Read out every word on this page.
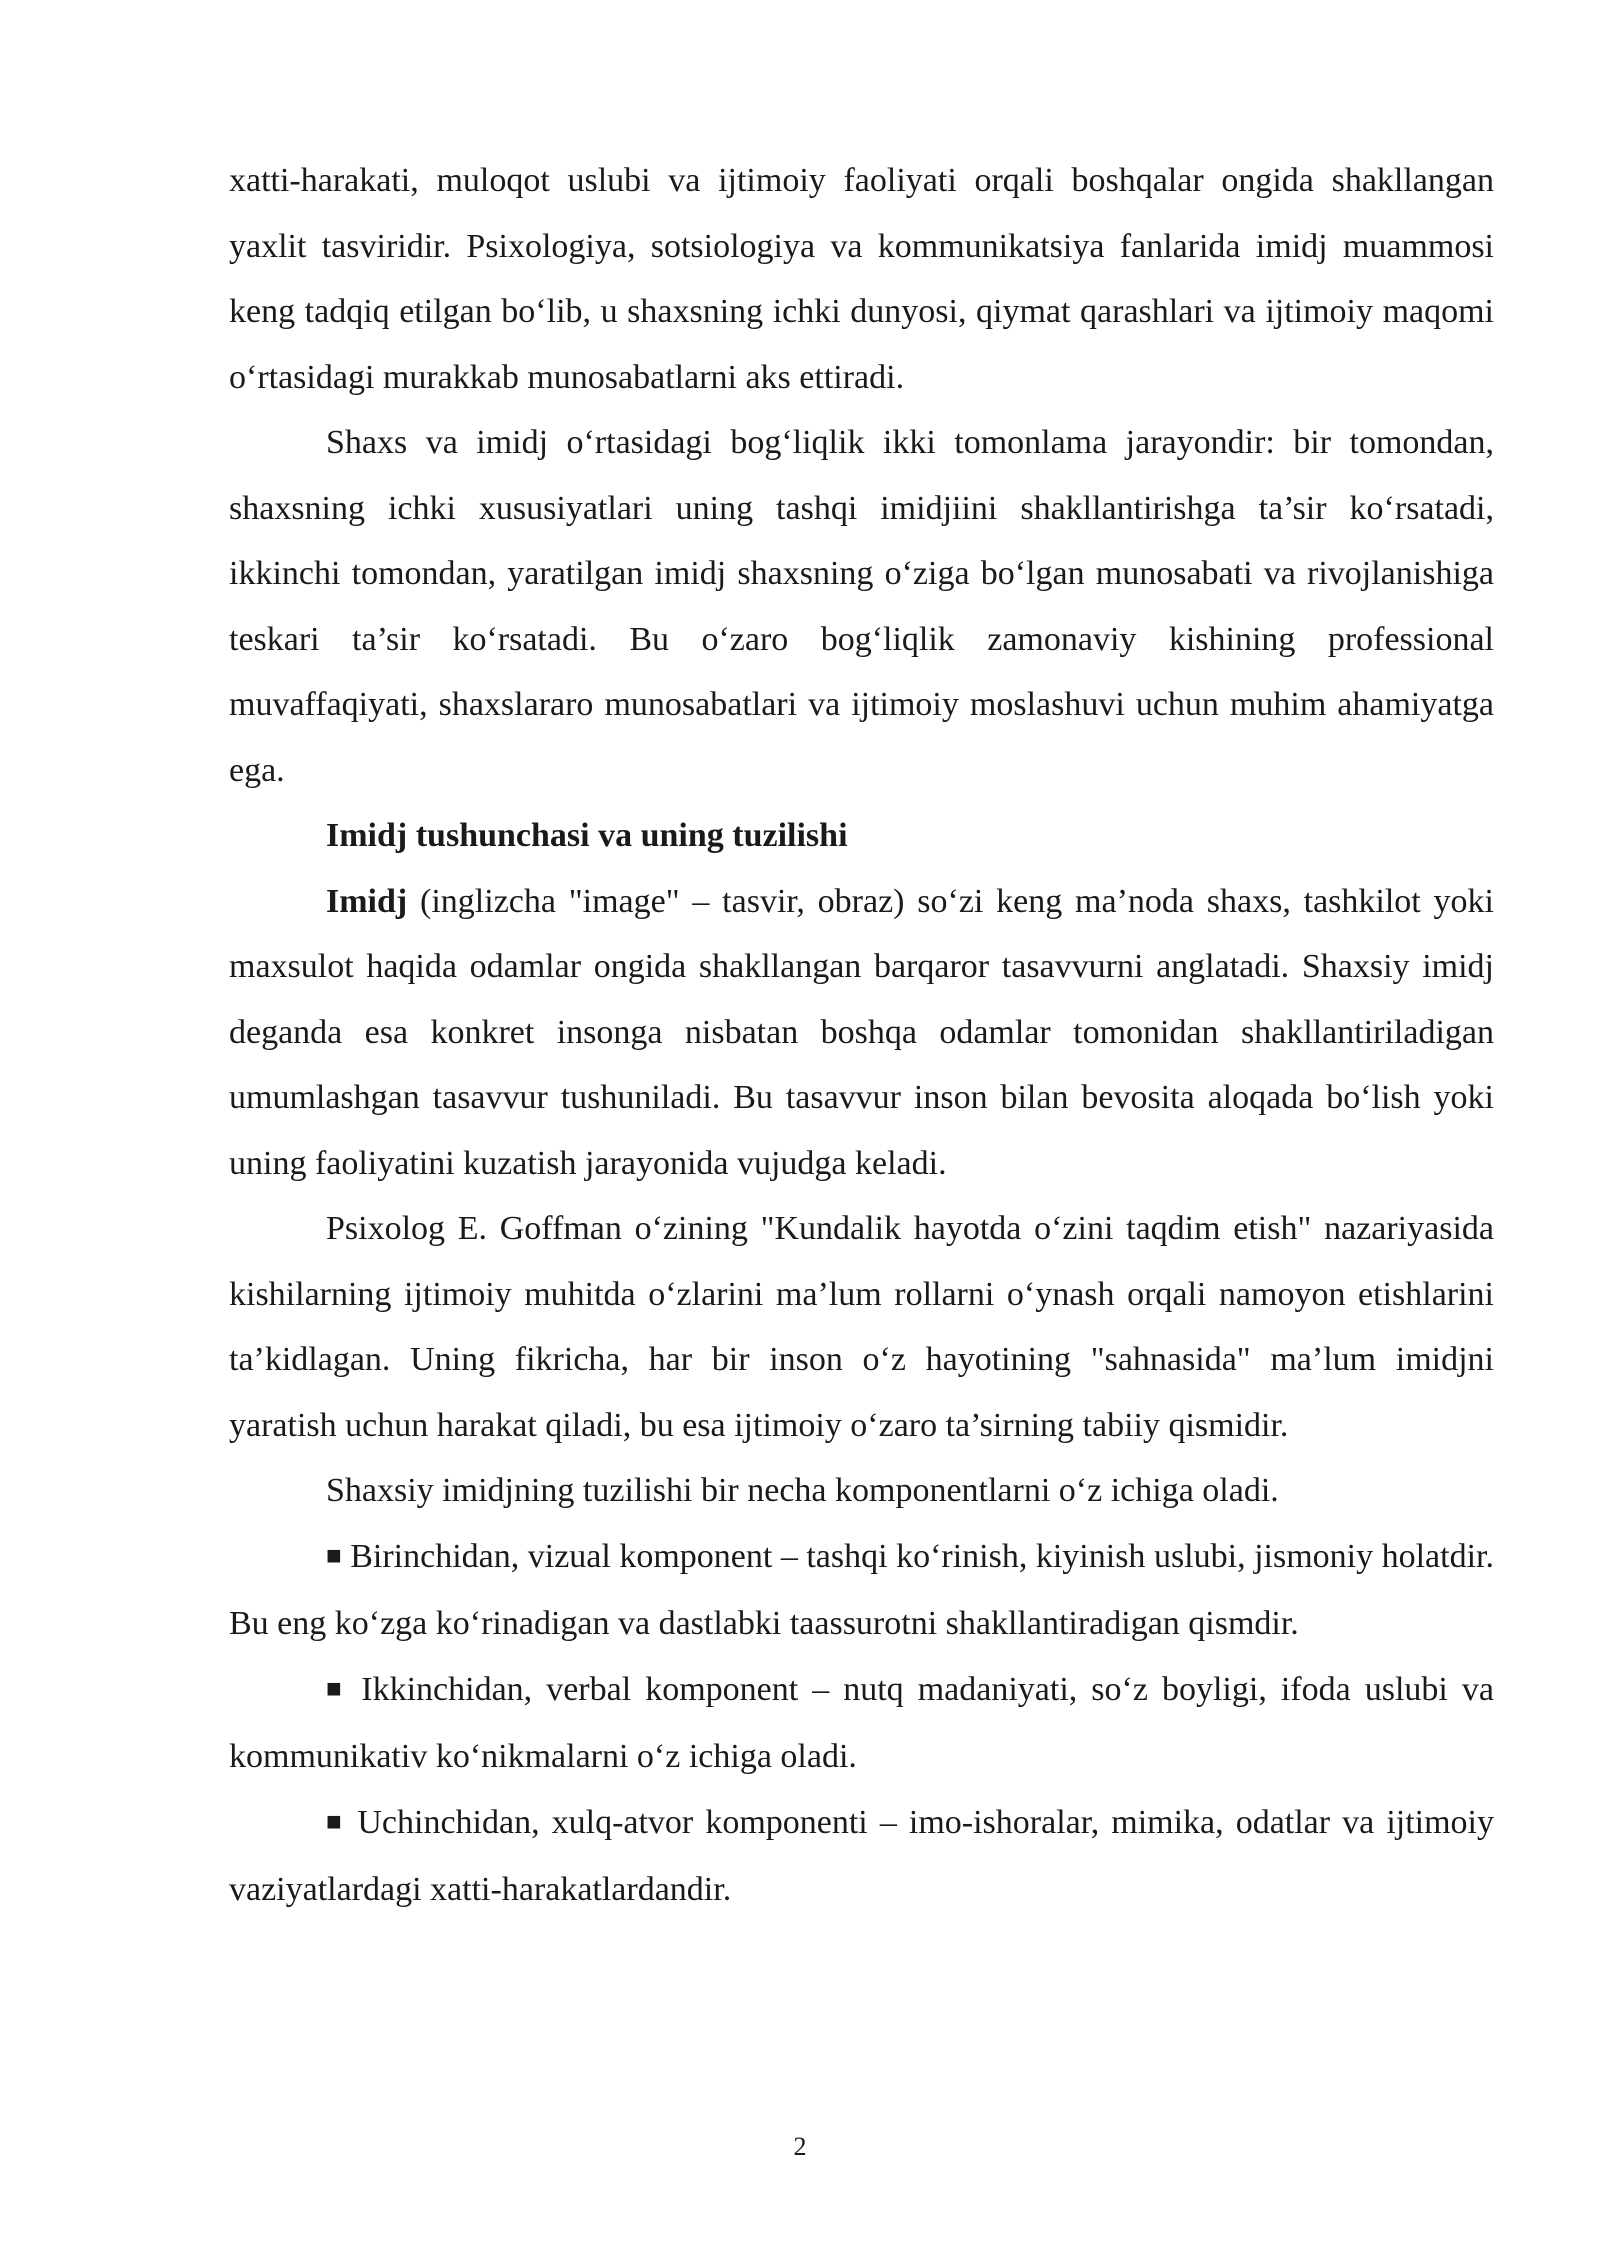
xatti-harakati, muloqot uslubi va ijtimoiy faoliyati orqali boshqalar ongida shakllangan yaxlit tasviridir. Psixologiya, sotsiologiya va kommunikatsiya fanlarida imidj muammosi keng tadqiq etilgan bo‘lib, u shaxsning ichki dunyosi, qiymat qarashlari va ijtimoiy maqomi o‘rtasidagi murakkab munosabatlarni aks ettiradi.

Shaxs va imidj o‘rtasidagi bog‘liqlik ikki tomonlama jarayondir: bir tomondan, shaxsning ichki xususiyatlari uning tashqi imidjiini shakllantirishga ta’sir ko‘rsatadi, ikkinchi tomondan, yaratilgan imidj shaxsning o‘ziga bo‘lgan munosabati va rivojlanishiga teskari ta’sir ko‘rsatadi. Bu o‘zaro bog‘liqlik zamonaviy kishining professional muvaffaqiyati, shaxslararo munosabatlari va ijtimoiy moslashuvi uchun muhim ahamiyatga ega.

Imidj tushunchasi va uning tuzilishi

Imidj (inglizcha "image" – tasvir, obraz) so‘zi keng ma’noda shaxs, tashkilot yoki maxsulot haqida odamlar ongida shakllangan barqaror tasavvurni anglatadi. Shaxsiy imidj deganda esa konkret insonga nisbatan boshqa odamlar tomonidan shakllantiriladigan umumlashgan tasavvur tushuniladi. Bu tasavvur inson bilan bevosita aloqada bo‘lish yoki uning faoliyatini kuzatish jarayonida vujudga keladi.

Psixolog E. Goffman o‘zining "Kundalik hayotda o‘zini taqdim etish" nazariyasida kishilarning ijtimoiy muhitda o‘zlarini ma’lum rollarni o‘ynash orqali namoyon etishlarini ta’kidlagan. Uning fikricha, har bir inson o‘z hayotining "sahnasida" ma’lum imidjni yaratish uchun harakat qiladi, bu esa ijtimoiy o‘zaro ta’sirning tabiiy qismidir.

Shaxsiy imidjning tuzilishi bir necha komponentlarni o‘z ichiga oladi.

■ Birinchidan, vizual komponent – tashqi ko‘rinish, kiyinish uslubi, jismoniy holatdir. Bu eng ko‘zga ko‘rinadigan va dastlabki taassurotni shakllantiradigan qismdir.

■ Ikkinchidan, verbal komponent – nutq madaniyati, so‘z boyligi, ifoda uslubi va kommunikativ ko‘nikmalarni o‘z ichiga oladi.

■ Uchinchidan, xulq-atvor komponenti – imo-ishoralar, mimika, odatlar va ijtimoiy vaziyatlardagi xatti-harakatlardandir.

2
